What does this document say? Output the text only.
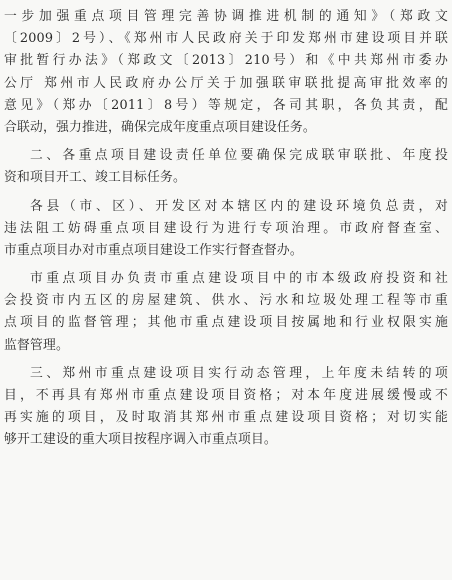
一步加强重点项目管理完善协调推进机制的通知》（郑政文
〔2009〕2号）、《郑州市人民政府关于印发郑州市建设项目并联
审批暂行办法》（郑政文〔2013〕210号）和《中共郑州市委办
公厅 郑州市人民政府办公厅关于加强联审联批提高审批效率的
意见》（郑办〔2011〕8号）等规定，各司其职，各负其责，配
合联动，强力推进，确保完成年度重点项目建设任务。
二、各重点项目建设责任单位要确保完成联审联批、年度投
资和项目开工、竣工目标任务。
各县（市、区）、开发区对本辖区内的建设环境负总责，对
违法阻工妨碍重点项目建设行为进行专项治理。市政府督查室、
市重点项目办对市重点项目建设工作实行督查督办。
市重点项目办负责市重点建设项目中的市本级政府投资和社
会投资市内五区的房屋建筑、供水、污水和垃圾处理工程等市重
点项目的监督管理；其他市重点建设项目按属地和行业权限实施
监督管理。
三、郑州市重点建设项目实行动态管理，上年度未结转的项
目，不再具有郑州市重点建设项目资格；对本年度进展缓慢或不
再实施的项目，及时取消其郑州市重点建设项目资格；对切实能
够开工建设的重大项目按程序调入市重点项目。
